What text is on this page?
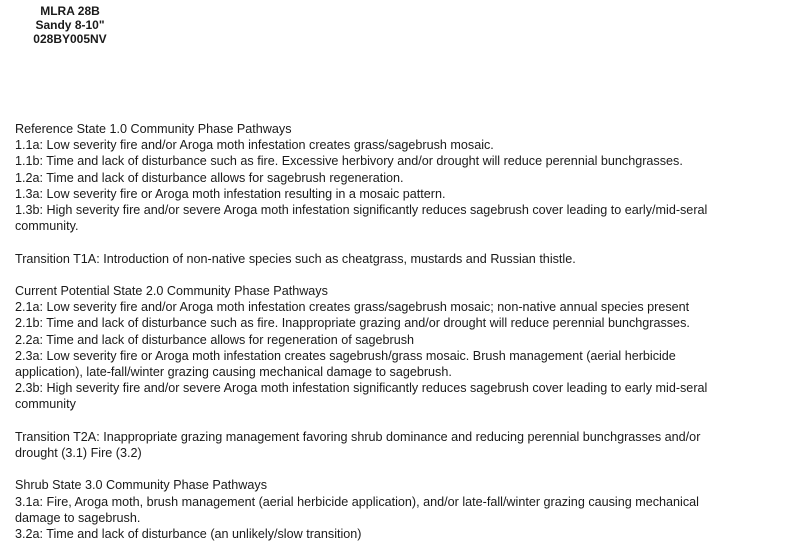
MLRA 28B
Sandy 8-10"
028BY005NV
Reference State 1.0 Community Phase Pathways
1.1a: Low severity fire and/or Aroga moth infestation creates grass/sagebrush mosaic.
1.1b: Time and lack of disturbance such as fire. Excessive herbivory and/or drought will reduce perennial bunchgrasses.
1.2a: Time and lack of disturbance allows for sagebrush regeneration.
1.3a: Low severity fire or Aroga moth infestation resulting in a mosaic pattern.
1.3b: High severity fire and/or severe Aroga moth infestation significantly reduces sagebrush cover leading to early/mid-seral
community.
Transition T1A: Introduction of non-native species such as cheatgrass, mustards and Russian thistle.
Current Potential State 2.0 Community Phase Pathways
2.1a: Low severity fire and/or Aroga moth infestation creates grass/sagebrush mosaic; non-native annual species present
2.1b: Time and lack of disturbance such as fire. Inappropriate grazing and/or drought will reduce perennial bunchgrasses.
2.2a: Time and lack of disturbance allows for regeneration of sagebrush
2.3a: Low severity fire or Aroga moth infestation creates sagebrush/grass mosaic. Brush management (aerial herbicide
application), late-fall/winter grazing causing mechanical damage to sagebrush.
2.3b: High severity fire and/or severe Aroga moth infestation significantly reduces sagebrush cover leading to early mid-seral
community
Transition T2A: Inappropriate grazing management favoring shrub dominance and reducing perennial bunchgrasses and/or
drought (3.1) Fire (3.2)
Shrub State 3.0 Community Phase Pathways
3.1a: Fire, Aroga moth, brush management (aerial herbicide application), and/or late-fall/winter grazing causing mechanical
damage to sagebrush.
3.2a: Time and lack of disturbance (an unlikely/slow transition)
